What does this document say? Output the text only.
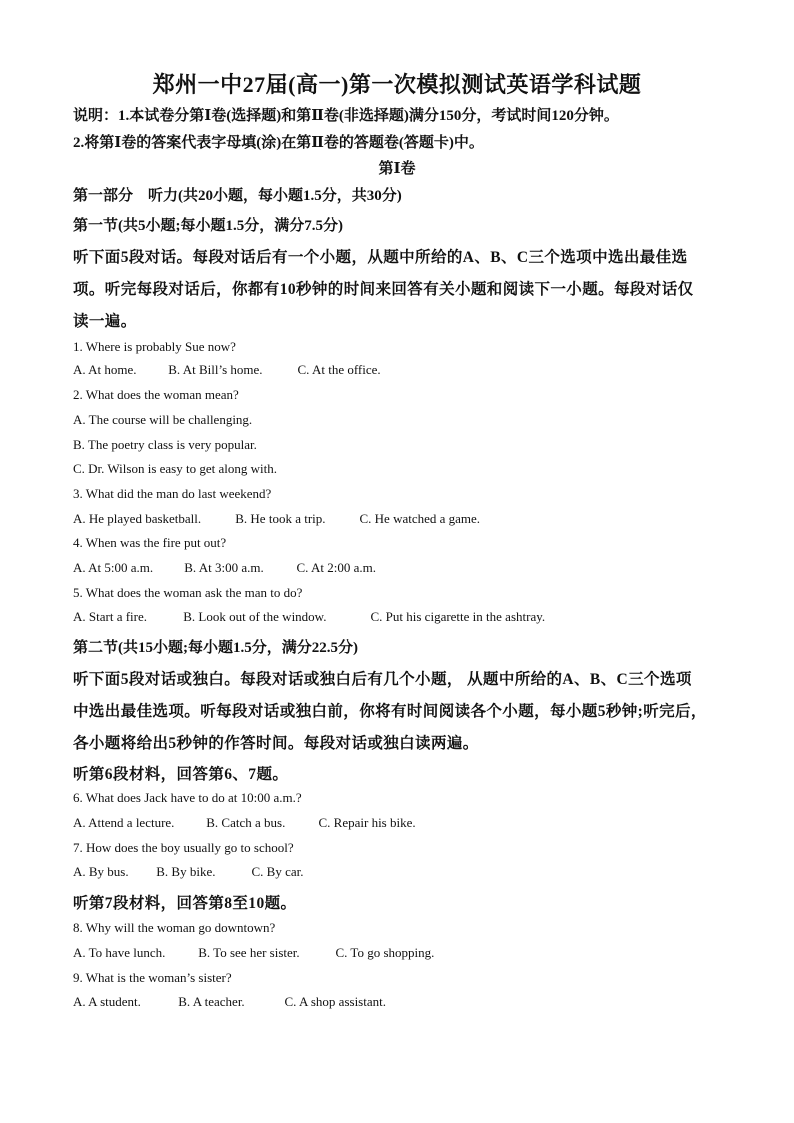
郑州一中27届(高一)第一次模拟测试英语学科试题
说明：1.本试卷分第Ⅰ卷(选择题)和第Ⅱ卷(非选择题)满分150分，考试时间120分钟。
2.将第Ⅰ卷的答案代表字母填(涂)在第Ⅱ卷的答题卷(答题卡)中。
第Ⅰ卷
第一部分　听力(共20小题，每小题1.5分，共30分)
第一节(共5小题;每小题1.5分，满分7.5分)
听下面5段对话。每段对话后有一个小题，从题中所给的A、B、C三个选项中选出最佳选
项。听完每段对话后，你都有10秒钟的时间来回答有关小题和阅读下一小题。每段对话仅
读一遍。
1. Where is probably Sue now?
A. At home. B. At Bill’s home.	C. At the office.
2. What does the woman mean?
A. The course will be challenging.
B. The poetry class is very popular.
C. Dr. Wilson is easy to get along with.
3. What did the man do last weekend?
A. He played basketball.	B. He took a trip.	C. He watched a game.
4. When was the fire put out?
A. At 5:00 a.m. B. At 3:00 a.m.	C. At 2:00 a.m.
5. What does the woman ask the man to do?
A. Start a fire.	B. Look out of the window.	C. Put his cigarette in the ashtray.
第二节(共15小题;每小题1.5分，满分22.5分)
听下面5段对话或独白。每段对话或独白后有几个小题， 从题中所给的A、B、C三个选项
中选出最佳选项。听每段对话或独白前，你将有时间阅读各个小题，每小题5秒钟;听完后，
各小题将给出5秒钟的作答时间。每段对话或独白读两遍。
听第6段材料，回答第6、7题。
6. What does Jack have to do at 10:00 a.m.?
A. Attend a lecture. B. Catch a bus.	C. Repair his bike.
7. How does the boy usually go to school?
A. By bus. B. By bike.	C. By car.
听第7段材料，回答第8至10题。
8. Why will the woman go downtown?
A. To have lunch.	B. To see her sister.	C. To go shopping.
9. What is the woman’s sister?
A. A student.	B. A teacher.	C. A shop assistant.
